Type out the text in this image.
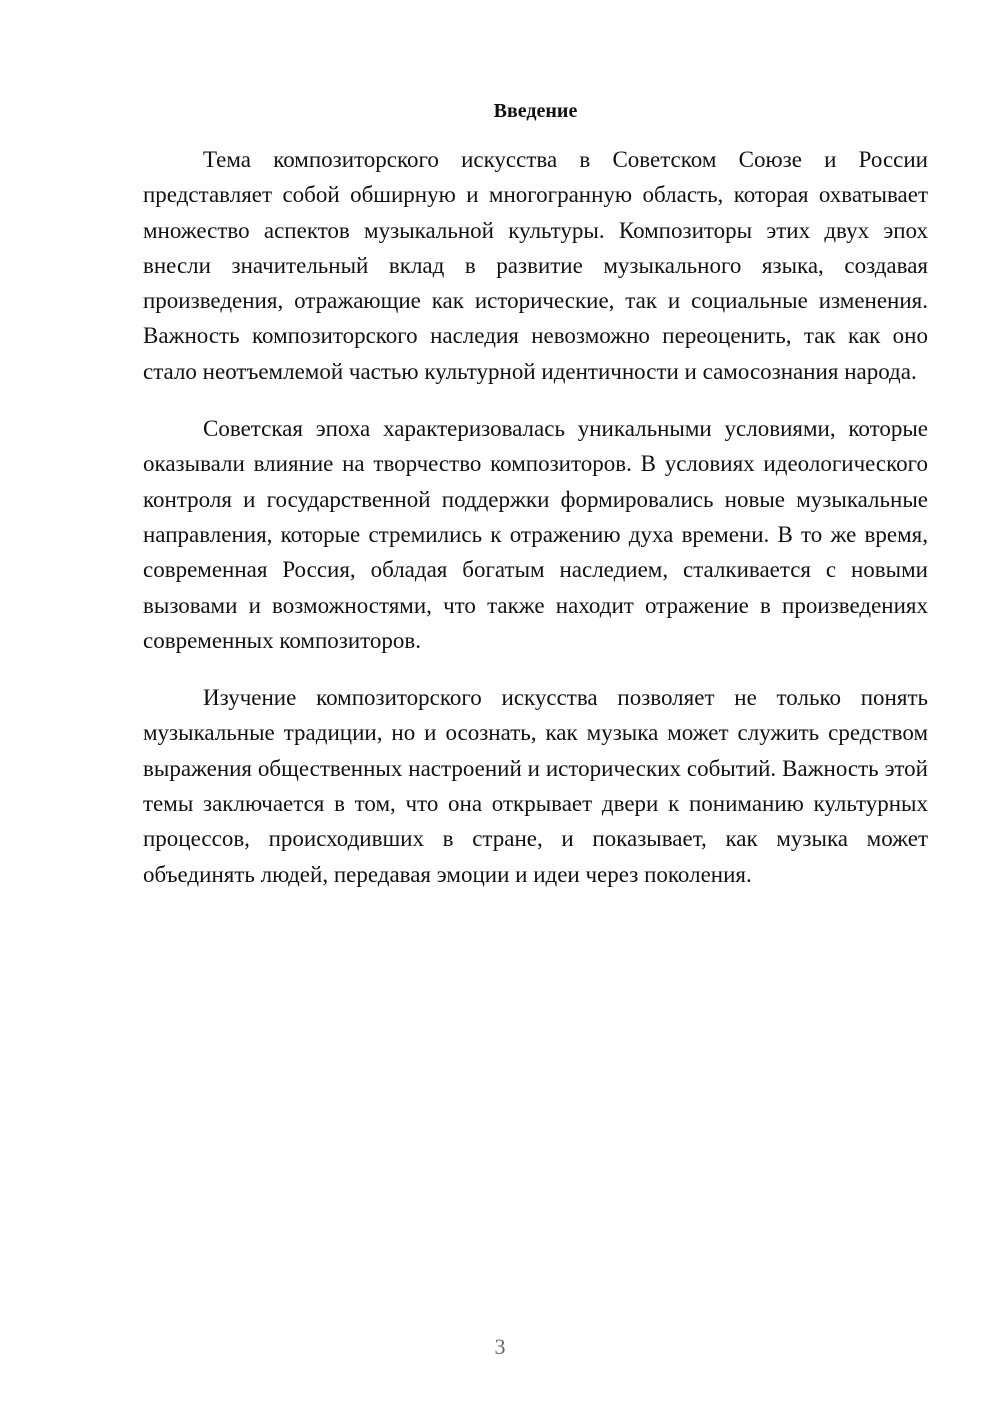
Введение

Тема композиторского искусства в Советском Союзе и России представляет собой обширную и многогранную область, которая охватывает множество аспектов музыкальной культуры. Композиторы этих двух эпох внесли значительный вклад в развитие музыкального языка, создавая произведения, отражающие как исторические, так и социальные изменения. Важность композиторского наследия невозможно переоценить, так как оно стало неотъемлемой частью культурной идентичности и самосознания народа.

Советская эпоха характеризовалась уникальными условиями, которые оказывали влияние на творчество композиторов. В условиях идеологического контроля и государственной поддержки формировались новые музыкальные направления, которые стремились к отражению духа времени. В то же время, современная Россия, обладая богатым наследием, сталкивается с новыми вызовами и возможностями, что также находит отражение в произведениях современных композиторов.

Изучение композиторского искусства позволяет не только понять музыкальные традиции, но и осознать, как музыка может служить средством выражения общественных настроений и исторических событий. Важность этой темы заключается в том, что она открывает двери к пониманию культурных процессов, происходивших в стране, и показывает, как музыка может объединять людей, передавая эмоции и идеи через поколения.

3
